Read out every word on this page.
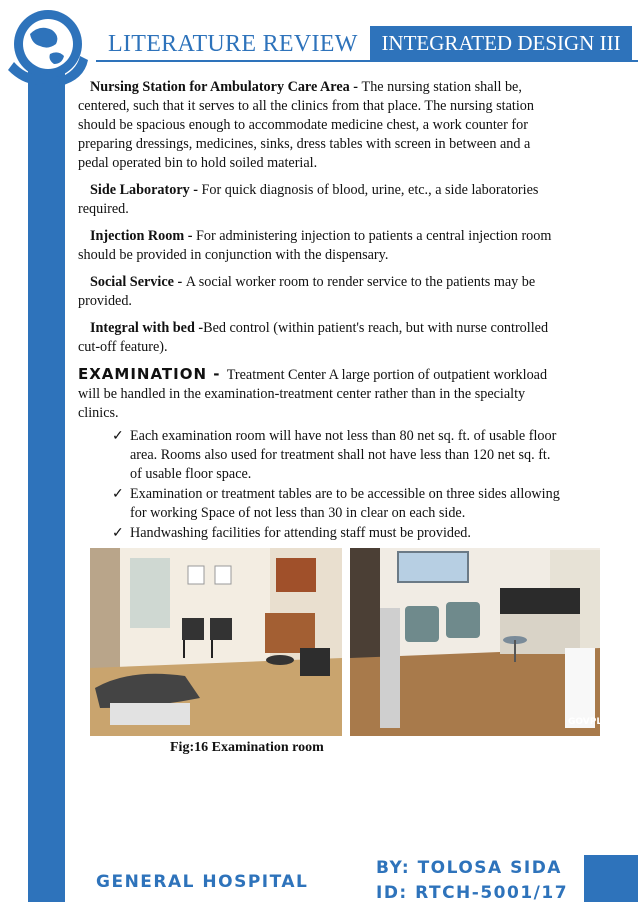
LITERATURE REVIEW	INTEGRATED DESIGN III

Nursing Station for Ambulatory Care Area - The nursing station shall be, centered, such that it serves to all the clinics from that place. The nursing station should be spacious enough to accommodate medicine chest, a work counter for preparing dressings, medicines, sinks, dress tables with screen in between and a pedal operated bin to hold soiled material.

Side Laboratory - For quick diagnosis of blood, urine, etc., a side laboratories required.

Injection Room - For administering injection to patients a central injection room should be provided in conjunction with the dispensary.

Social Service - A social worker room to render service to the patients may be provided.

Integral with bed -Bed control (within patient's reach, but with nurse controlled cut-off feature).

EXAMINATION - Treatment Center A large portion of outpatient workload will be handled in the examination-treatment center rather than in the specialty clinics.

✓ Each examination room will have not less than 80 net sq. ft. of usable floor area. Rooms also used for treatment shall not have less than 120 net sq. ft. of usable floor space.
✓ Examination or treatment tables are to be accessible on three sides allowing for working Space of not less than 30 in clear on each side.
✓ Handwashing facilities for attending staff must be provided.
GOVPLANET
Fig:16 Examination room
GENERAL HOSPITAL
BY: TOLOSA SIDA
ID: RTCH-5001/17
